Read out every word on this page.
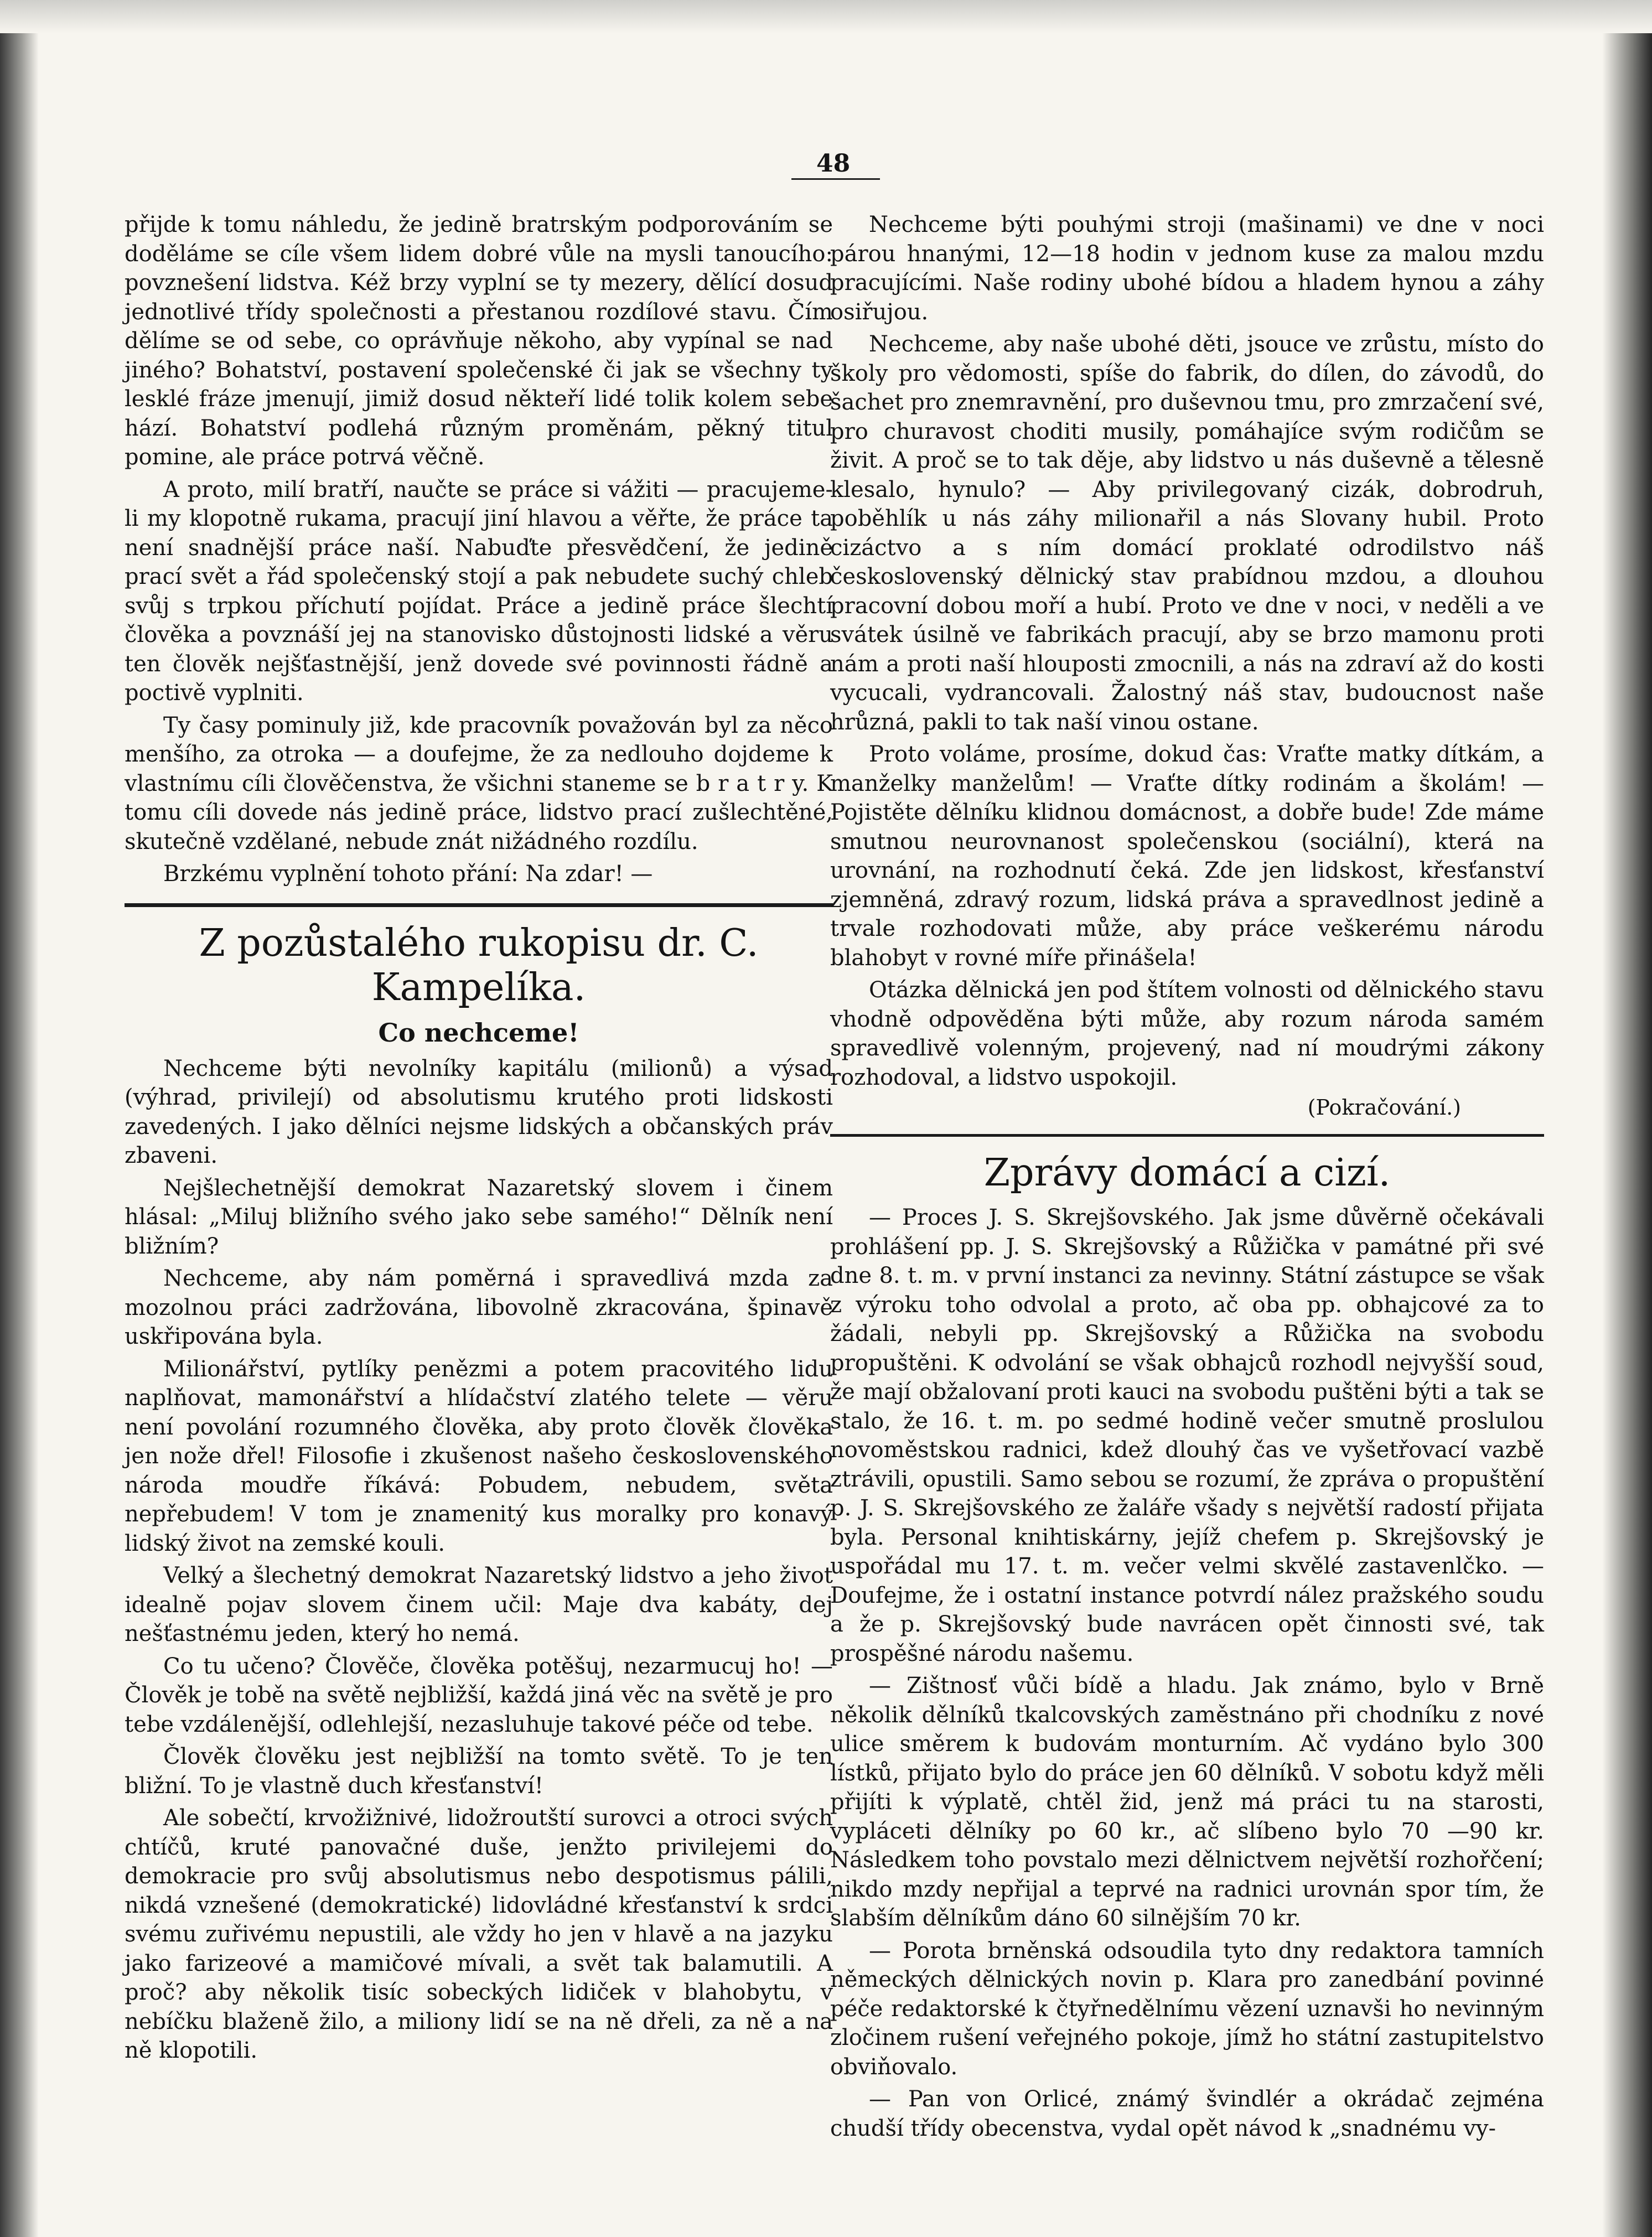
48

přijde k tomu náhledu, že jedině bratrským podporováním se doděláme se cíle všem lidem dobré vůle na mysli tanoucího: povznešení lidstva. Kéž brzy vyplní se ty mezery, dělící dosud jednotlivé třídy společnosti a přestanou rozdílové stavu. Čím dělíme se od sebe, co oprávňuje někoho, aby vypínal se nad jiného? Bohatství, postavení společenské či jak se všechny ty lesklé fráze jmenují, jimiž dosud někteří lidé tolik kolem sebe hází. Bohatství podlehá různým proměnám, pěkný titul pomine, ale práce potrvá věčně.

A proto, milí bratří, naučte se práce si vážiti — pracujeme-li my klopotně rukama, pracují jiní hlavou a věřte, že práce ta není snadnější práce naší. Nabuďte přesvědčení, že jedině prací svět a řád společenský stojí a pak nebudete suchý chleb svůj s trpkou příchutí pojídat. Práce a jedině práce šlechtí člověka a povznáší jej na stanovisko důstojnosti lidské a věru ten člověk nejšťastnější, jenž dovede své povinnosti řádně a poctivě vyplniti.

Ty časy pominuly již, kde pracovník považován byl za něco menšího, za otroka — a doufejme, že za nedlouho dojdeme k vlastnímu cíli člověčenstva, že všichni staneme se b r a t r y. K tomu cíli dovede nás jedině práce, lidstvo prací zušlechtěné, skutečně vzdělané, nebude znát nižádného rozdílu.

Brzkému vyplnění tohoto přání: Na zdar! —

Z pozůstalého rukopisu dr. C. Kampelíka.
Co nechceme!

Nechceme býti nevolníky kapitálu (milionů) a výsad (výhrad, privilejí) od absolutismu krutého proti lidskosti zavedených. I jako dělníci nejsme lidských a občanských práv zbaveni.

Nejšlechetnější demokrat Nazaretský slovem i činem hlásal: „Miluj bližního svého jako sebe samého!“ Dělník není bližním?

Nechceme, aby nám poměrná i spravedlivá mzda za mozolnou práci zadržována, libovolně zkracována, špinavě uskřipována byla.

Milionářství, pytlíky penězmi a potem pracovitého lidu naplňovat, mamonářství a hlídačství zlatého telete — věru není povolání rozumného člověka, aby proto člověk člověka jen nože dřel! Filosofie i zkušenost našeho československého národa moudře říkává: Pobudem, nebudem, světa nepřebudem! V tom je znamenitý kus moralky pro konavý lidský život na zemské kouli.

Velký a šlechetný demokrat Nazaretský lidstvo a jeho život idealně pojav slovem činem učil: Maje dva kabáty, dej nešťastnému jeden, který ho nemá.

Co tu učeno? Člověče, člověka potěšuj, nezarmucuj ho! — Člověk je tobě na světě nejbližší, každá jiná věc na světě je pro tebe vzdálenější, odlehlejší, nezasluhuje takové péče od tebe.

Člověk člověku jest nejbližší na tomto světě. To je ten bližní. To je vlastně duch křesťanství!

Ale sobečtí, krvožižnivé, lidožroutští surovci a otroci svých chtíčů, kruté panovačné duše, jenžto privilejemi do demokracie pro svůj absolutismus nebo despotismus pálili, nikdá vznešené (demokratické) lidovládné křesťanství k srdci svému zuřivému nepustili, ale vždy ho jen v hlavě a na jazyku jako farizeové a mamičové mívali, a svět tak balamutili. A proč? aby několik tisíc sobeckých lidiček v blahobytu, v nebíčku blaženě žilo, a miliony lidí se na ně dřeli, za ně a na ně klopotili.

Nechceme býti pouhými stroji (mašinami) ve dne v noci párou hnanými, 12—18 hodin v jednom kuse za malou mzdu pracujícími. Naše rodiny ubohé bídou a hladem hynou a záhy osiřujou.

Nechceme, aby naše ubohé děti, jsouce ve zrůstu, místo do školy pro vědomosti, spíše do fabrik, do dílen, do závodů, do šachet pro znemravnění, pro duševnou tmu, pro zmrzačení své, pro churavost choditi musily, pomáhajíce svým rodičům se živit. A proč se to tak děje, aby lidstvo u nás duševně a tělesně klesalo, hynulo? — Aby privilegovaný cizák, dobrodruh, poběhlík u nás záhy milionařil a nás Slovany hubil. Proto cizáctvo a s ním domácí proklaté odrodilstvo náš československý dělnický stav prabídnou mzdou, a dlouhou pracovní dobou moří a hubí. Proto ve dne v noci, v neděli a ve svátek úsilně ve fabrikách pracují, aby se brzo mamonu proti nám a proti naší hlouposti zmocnili, a nás na zdraví až do kosti vycucali, vydrancovali. Žalostný náš stav, budoucnost naše hrůzná, pakli to tak naší vinou ostane.

Proto voláme, prosíme, dokud čas: Vraťte matky dítkám, a manželky manželům! — Vraťte dítky rodinám a školám! — Pojistěte dělníku klidnou domácnost, a dobře bude! Zde máme smutnou neurovnanost společenskou (sociální), která na urovnání, na rozhodnutí čeká. Zde jen lidskost, křesťanství zjemněná, zdravý rozum, lidská práva a spravedlnost jedině a trvale rozhodovati může, aby práce veškerému národu blahobyt v rovné míře přinášela!

Otázka dělnická jen pod štítem volnosti od dělnického stavu vhodně odpověděna býti může, aby rozum národa samém spravedlivě volenným, projevený, nad ní moudrými zákony rozhodoval, a lidstvo uspokojil.

(Pokračování.)

Zprávy domácí a cizí.

— Proces J. S. Skrejšovského. Jak jsme důvěrně očekávali prohlášení pp. J. S. Skrejšovský a Růžička v památné při své dne 8. t. m. v první instanci za nevinny. Státní zástupce se však z výroku toho odvolal a proto, ač oba pp. obhajcové za to žádali, nebyli pp. Skrejšovský a Růžička na svobodu propuštěni. K odvolání se však obhajců rozhodl nejvyšší soud, že mají obžalovaní proti kauci na svobodu puštěni býti a tak se stalo, že 16. t. m. po sedmé hodině večer smutně proslulou novoměstskou radnici, kdež dlouhý čas ve vyšetřovací vazbě ztrávili, opustili. Samo sebou se rozumí, že zpráva o propuštění p. J. S. Skrejšovského ze žaláře všady s největší radostí přijata byla. Personal knihtiskárny, jejíž chefem p. Skrejšovský je uspořádal mu 17. t. m. večer velmi skvělé zastavenlčko. — Doufejme, že i ostatní instance potvrdí nález pražského soudu a že p. Skrejšovský bude navrácen opět činnosti své, tak prospěšné národu našemu.

— Zištnosť vůči bídě a hladu. Jak známo, bylo v Brně několik dělníků tkalcovských zaměstnáno při chodníku z nové ulice směrem k budovám monturním. Ač vydáno bylo 300 lístků, přijato bylo do práce jen 60 dělníků. V sobotu když měli přijíti k výplatě, chtěl žid, jenž má práci tu na starosti, vypláceti dělníky po 60 kr., ač slíbeno bylo 70 —90 kr. Následkem toho povstalo mezi dělnictvem největší rozhořčení; nikdo mzdy nepřijal a teprvé na radnici urovnán spor tím, že slabším dělníkům dáno 60 silnějším 70 kr.

— Porota brněnská odsoudila tyto dny redaktora tamních německých dělnických novin p. Klara pro zanedbání povinné péče redaktorské k čtyřnedělnímu vězení uznavši ho nevinným zločinem rušení veřejného pokoje, jímž ho státní zastupitelstvo obviňovalo.

— Pan von Orlicé, známý švindlér a okrádač zejména chudší třídy obecenstva, vydal opět návod k „snadnému vy-
